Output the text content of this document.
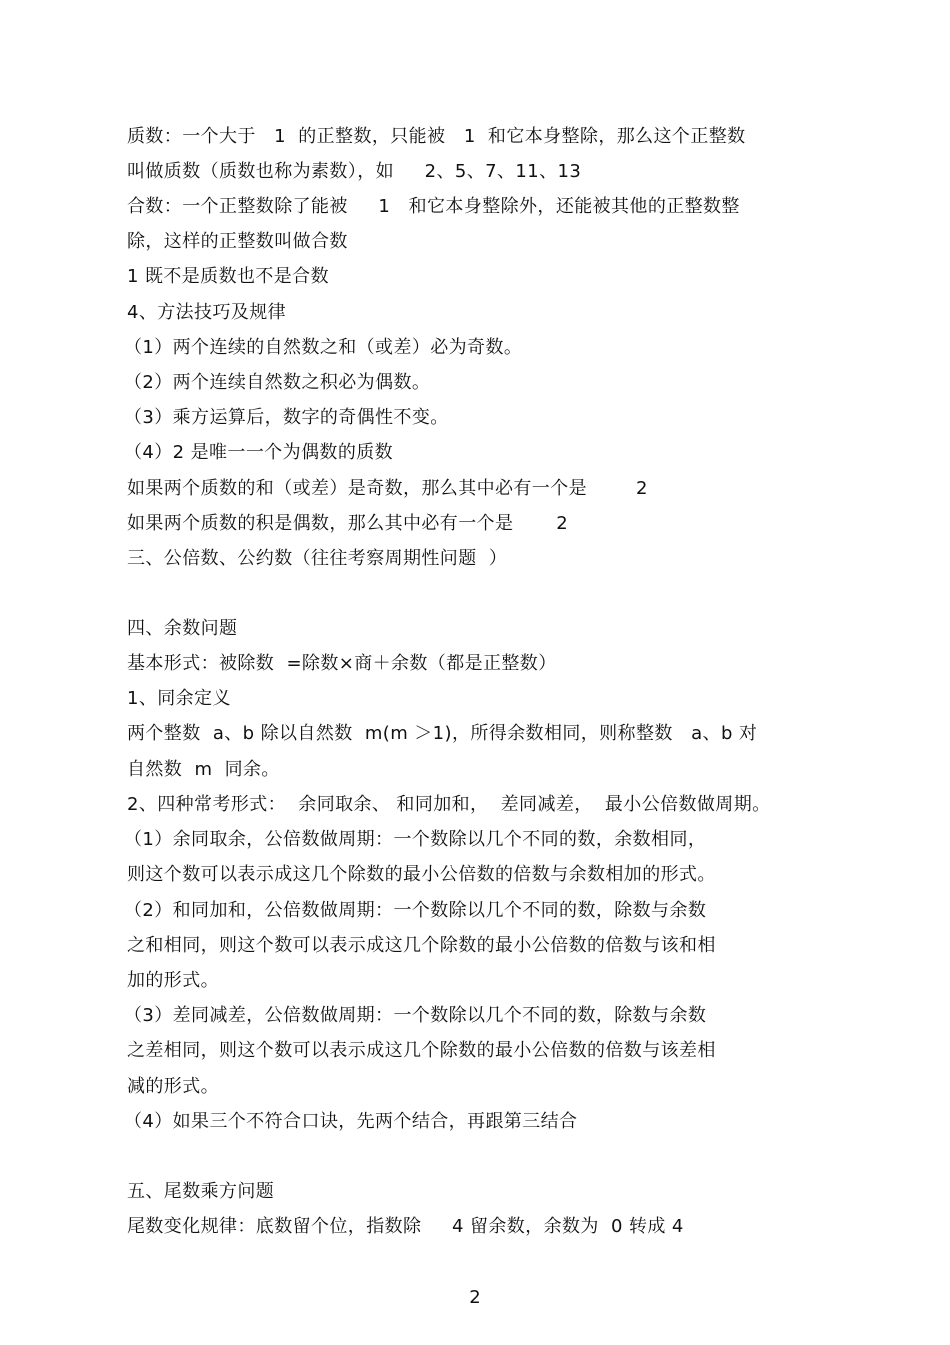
质数：一个大于   1  的正整数，只能被   1  和它本身整除，那么这个正整数
叫做质数（质数也称为素数），如     2、5、7、11、13
合数：一个正整数除了能被     1   和它本身整除外，还能被其他的正整数整
除，这样的正整数叫做合数
1 既不是质数也不是合数
4、方法技巧及规律
（1）两个连续的自然数之和（或差）必为奇数。
（2）两个连续自然数之积必为偶数。
（3）乘方运算后，数字的奇偶性不变。
（4）2 是唯一一个为偶数的质数
如果两个质数的和（或差）是奇数，那么其中必有一个是        2
如果两个质数的积是偶数，那么其中必有一个是       2
三、公倍数、公约数（往往考察周期性问题  ）
四、余数问题
基本形式：被除数  =除数×商＋余数（都是正整数）
1、同余定义
两个整数  a、b 除以自然数  m(m ＞1)，所得余数相同，则称整数   a、b 对
自然数  m  同余。
2、四种常考形式：  余同取余、 和同加和，  差同减差，  最小公倍数做周期。
（1）余同取余，公倍数做周期：一个数除以几个不同的数，余数相同，
则这个数可以表示成这几个除数的最小公倍数的倍数与余数相加的形式。
（2）和同加和，公倍数做周期：一个数除以几个不同的数，除数与余数
之和相同，则这个数可以表示成这几个除数的最小公倍数的倍数与该和相
加的形式。
（3）差同减差，公倍数做周期：一个数除以几个不同的数，除数与余数
之差相同，则这个数可以表示成这几个除数的最小公倍数的倍数与该差相
减的形式。
（4）如果三个不符合口诀，先两个结合，再跟第三结合
五、尾数乘方问题
尾数变化规律：底数留个位，指数除     4 留余数，余数为  0 转成 4
2
